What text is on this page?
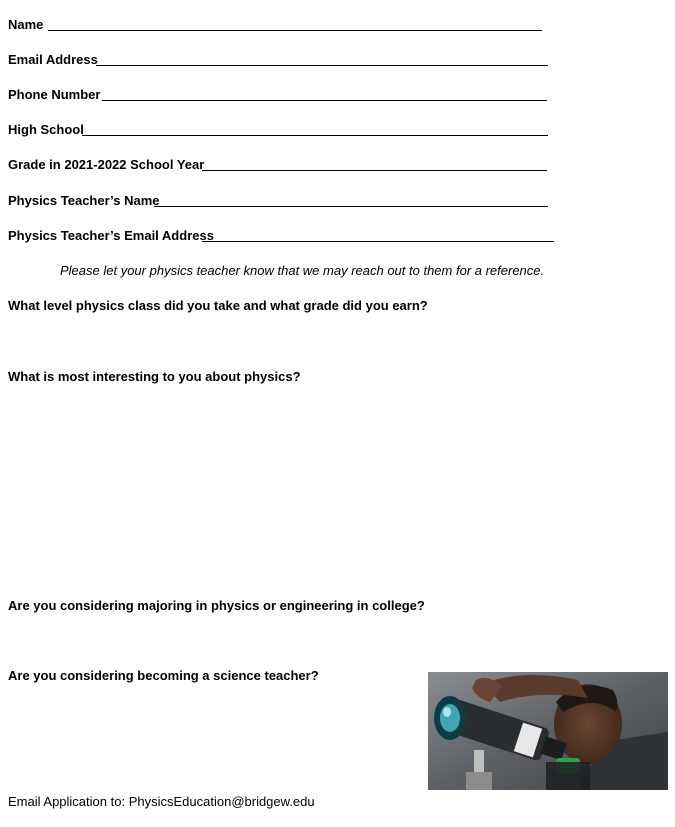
Name
Email Address
Phone Number
High School
Grade in 2021-2022 School Year
Physics Teacher’s Name
Physics Teacher’s Email Address
Please let your physics teacher know that we may reach out to them for a reference.
What level physics class did you take and what grade did you earn?
What is most interesting to you about physics?
Are you considering majoring in physics or engineering in college?
Are you considering becoming a science teacher?
Email Application to: PhysicsEducation@bridgew.edu
